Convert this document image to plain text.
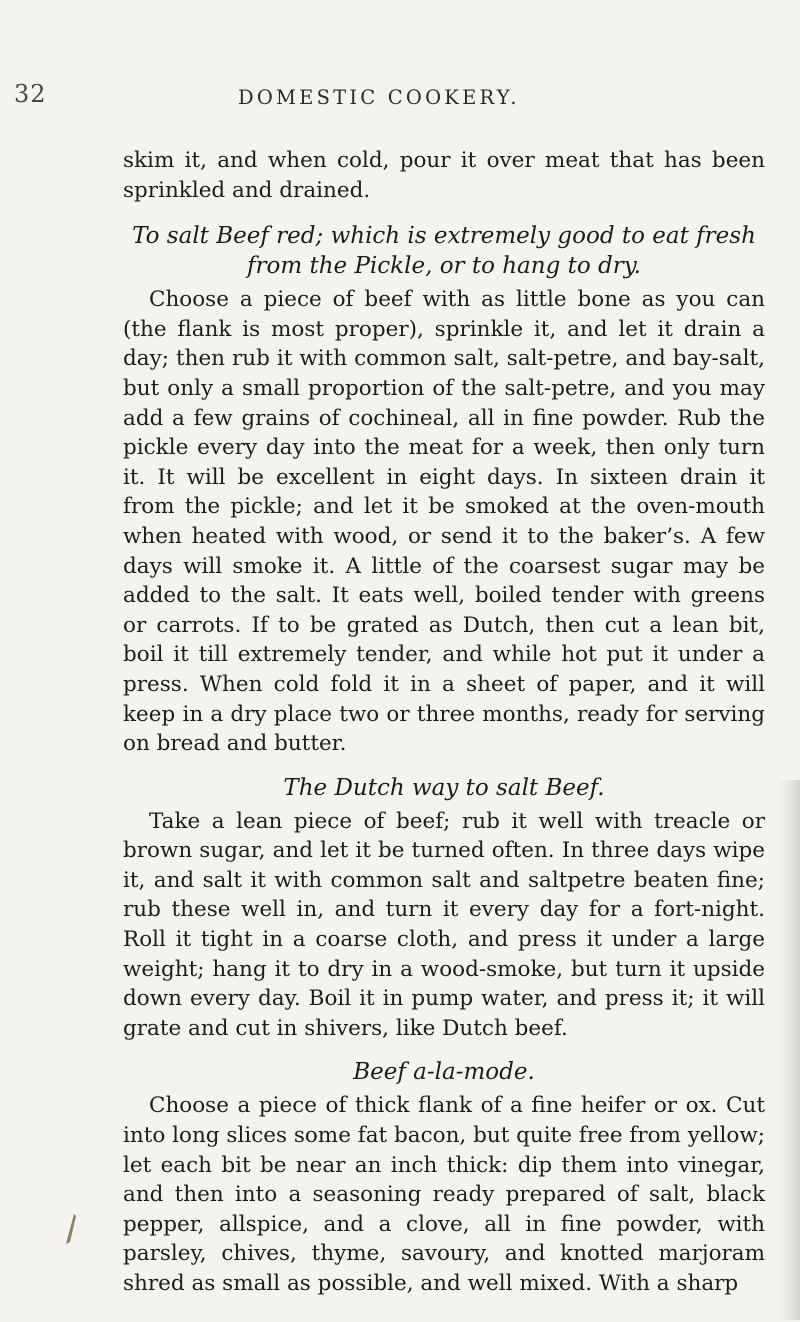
32	DOMESTIC COOKERY.

skim it, and when cold, pour it over meat that has been sprinkled and drained.

To salt Beef red; which is extremely good to eat fresh from the Pickle, or to hang to dry.

Choose a piece of beef with as little bone as you can (the flank is most proper), sprinkle it, and let it drain a day; then rub it with common salt, salt-petre, and bay-salt, but only a small proportion of the salt-petre, and you may add a few grains of cochineal, all in fine powder. Rub the pickle every day into the meat for a week, then only turn it. It will be excellent in eight days. In sixteen drain it from the pickle; and let it be smoked at the oven-mouth when heated with wood, or send it to the baker’s. A few days will smoke it. A little of the coarsest sugar may be added to the salt. It eats well, boiled tender with greens or carrots. If to be grated as Dutch, then cut a lean bit, boil it till extremely tender, and while hot put it under a press. When cold fold it in a sheet of paper, and it will keep in a dry place two or three months, ready for serving on bread and butter.

The Dutch way to salt Beef.

Take a lean piece of beef; rub it well with treacle or brown sugar, and let it be turned often. In three days wipe it, and salt it with common salt and saltpetre beaten fine; rub these well in, and turn it every day for a fort-night. Roll it tight in a coarse cloth, and press it under a large weight; hang it to dry in a wood-smoke, but turn it upside down every day. Boil it in pump water, and press it; it will grate and cut in shivers, like Dutch beef.

Beef a-la-mode.

Choose a piece of thick flank of a fine heifer or ox. Cut into long slices some fat bacon, but quite free from yellow; let each bit be near an inch thick: dip them into vinegar, and then into a seasoning ready prepared of salt, black pepper, allspice, and a clove, all in fine powder, with parsley, chives, thyme, savoury, and knotted marjoram shred as small as possible, and well mixed. With a sharp
